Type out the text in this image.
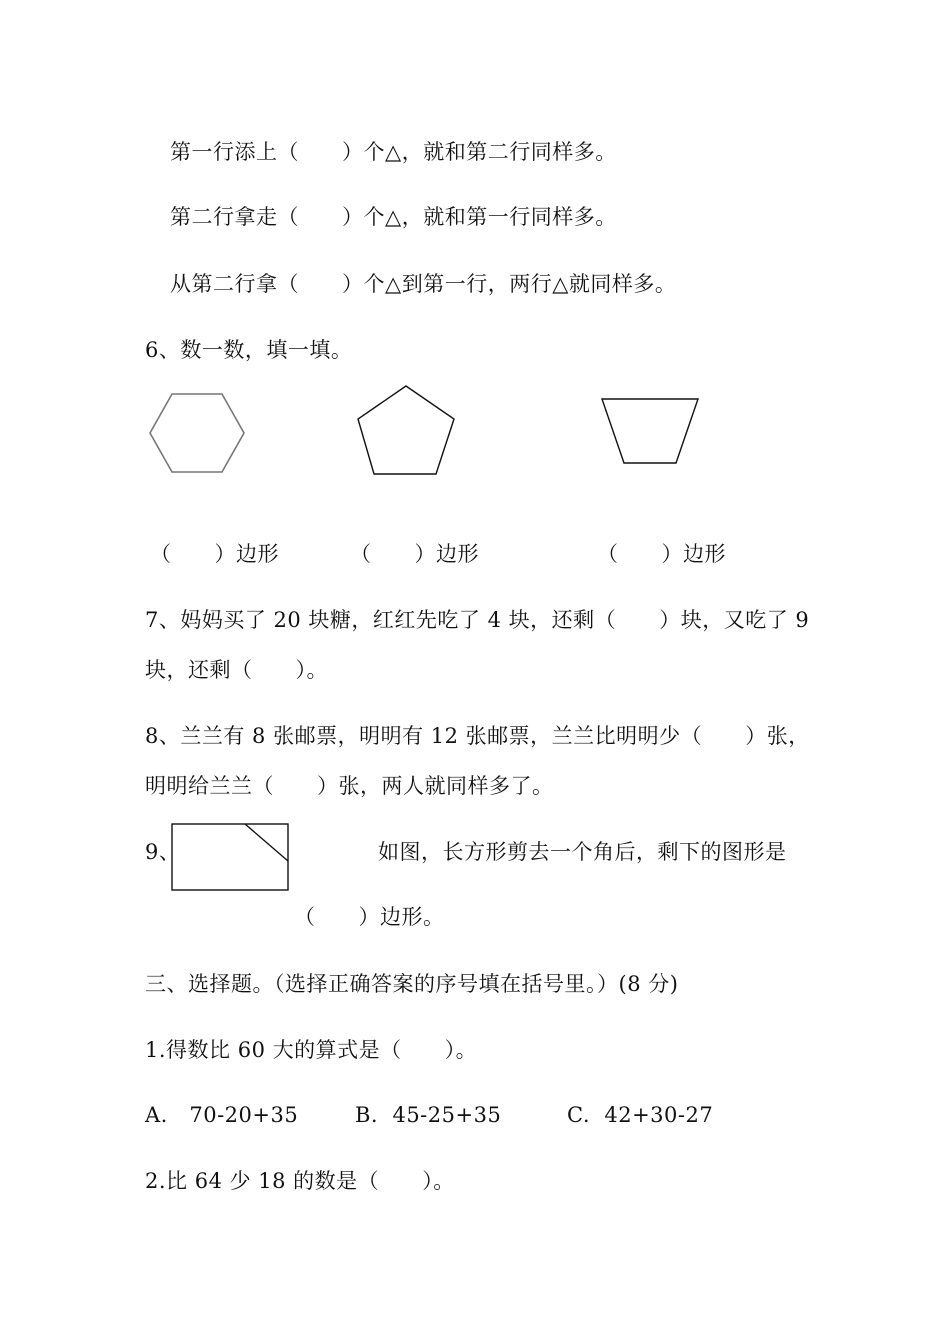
第一行添上（      ）个△，就和第二行同样多。
第二行拿走（      ）个△，就和第一行同样多。
从第二行拿（      ）个△到第一行，两行△就同样多。
6、数一数，填一填。
（      ）边形	（      ）边形	（      ）边形
7、妈妈买了 20 块糖，红红先吃了 4 块，还剩（      ）块，又吃了 9
块，还剩（      ）。
8、兰兰有 8 张邮票，明明有 12 张邮票，兰兰比明明少（      ）张，
明明给兰兰（      ）张，两人就同样多了。
9、	如图，长方形剪去一个角后，剩下的图形是
（      ）边形。
三、选择题。（选择正确答案的序号填在括号里。）(8 分)
1.得数比 60 大的算式是（      ）。
A.   70-20+35	B.  45-25+35	C.  42+30-27
2.比 64 少 18 的数是（      ）。
